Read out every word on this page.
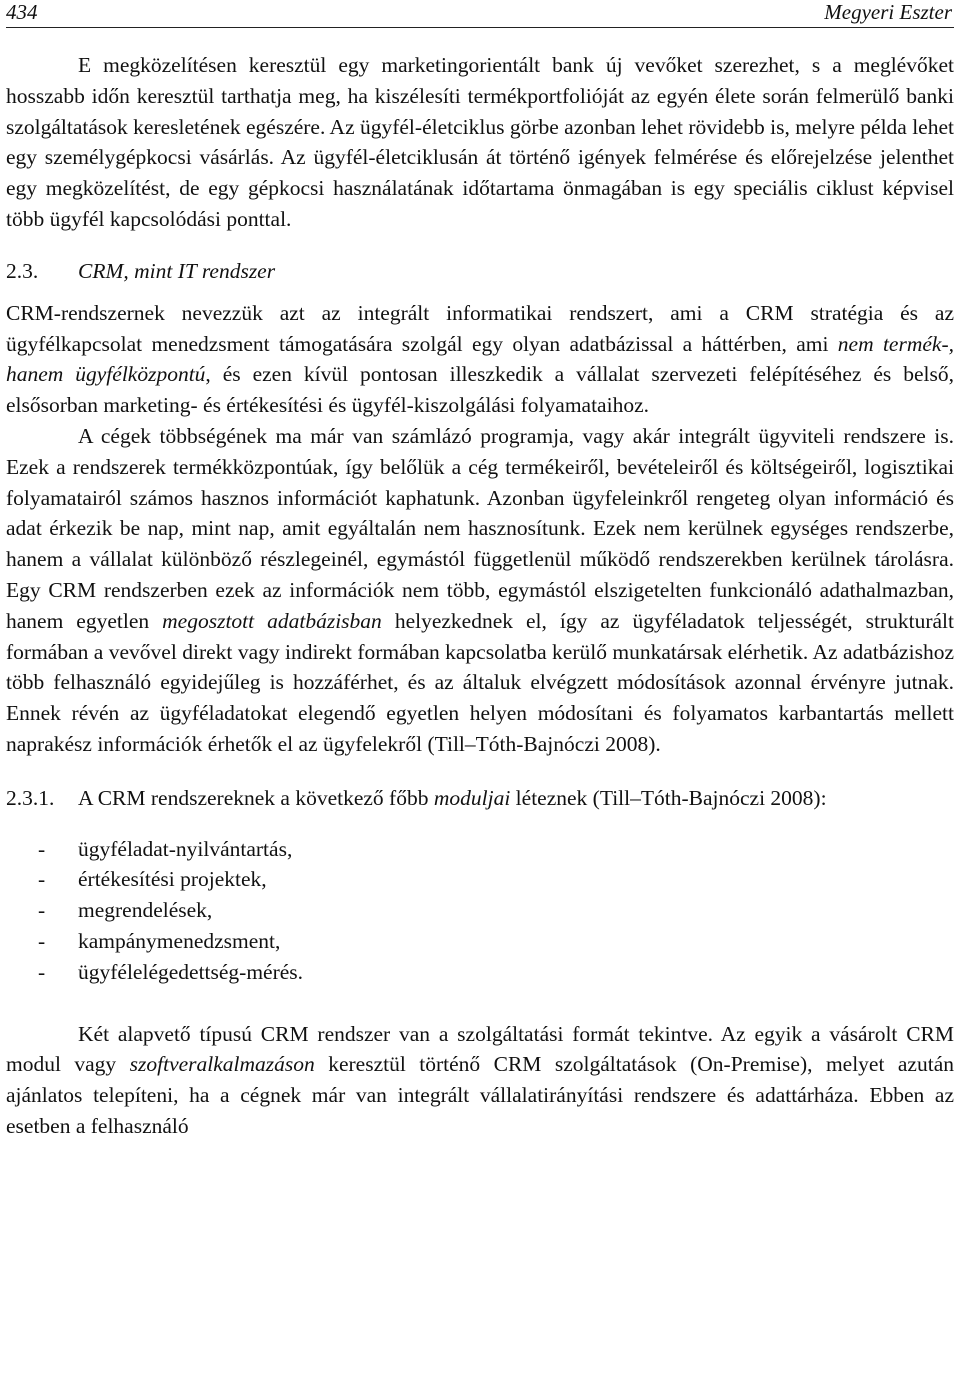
434	Megyeri Eszter

E megközelítésen keresztül egy marketingorientált bank új vevőket szerezhet, s a meglévőket hosszabb időn keresztül tarthatja meg, ha kiszélesíti termékportfolióját az egyén élete során felmerülő banki szolgáltatások keresletének egészére. Az ügyfél-életciklus görbe azonban lehet rövidebb is, melyre példa lehet egy személygépkocsi vásárlás. Az ügyfél-életciklusán át történő igények felmérése és előrejelzése jelenthet egy megközelítést, de egy gépkocsi használatának időtartama önmagában is egy speciális ciklust képvisel több ügyfél kapcsolódási ponttal.

2.3. CRM, mint IT rendszer

CRM-rendszernek nevezzük azt az integrált informatikai rendszert, ami a CRM stratégia és az ügyfélkapcsolat menedzsment támogatására szolgál egy olyan adatbázissal a háttérben, ami nem termék-, hanem ügyfélközpontú, és ezen kívül pontosan illeszkedik a vállalat szervezeti felépítéséhez és belső, elsősorban marketing- és értékesítési és ügyfél-kiszolgálási folyamataihoz.

A cégek többségének ma már van számlázó programja, vagy akár integrált ügyviteli rendszere is. Ezek a rendszerek termékközpontúak, így belőlük a cég termékeiről, bevételeiről és költségeiről, logisztikai folyamatairól számos hasznos információt kaphatunk. Azonban ügyfeleinkről rengeteg olyan információ és adat érkezik be nap, mint nap, amit egyáltalán nem hasznosítunk. Ezek nem kerülnek egységes rendszerbe, hanem a vállalat különböző részlegeinél, egymástól függetlenül működő rendszerekben kerülnek tárolásra. Egy CRM rendszerben ezek az információk nem több, egymástól elszigetelten funkcionáló adathalmazban, hanem egyetlen megosztott adatbázisban helyezkednek el, így az ügyféladatok teljességét, strukturált formában a vevővel direkt vagy indirekt formában kapcsolatba kerülő munkatársak elérhetik. Az adatbázishoz több felhasználó egyidejűleg is hozzáférhet, és az általuk elvégzett módosítások azonnal érvényre jutnak. Ennek révén az ügyféladatokat elegendő egyetlen helyen módosítani és folyamatos karbantartás mellett naprakész információk érhetők el az ügyfelekről (Till–Tóth-Bajnóczi 2008).

2.3.1.	A CRM rendszereknek a következő főbb moduljai léteznek (Till–Tóth-Bajnóczi 2008):
-	ügyféladat-nyilvántartás,
-	értékesítési projektek,
-	megrendelések,
-	kampánymenedzsment,
-	ügyfélelégedettség-mérés.

Két alapvető típusú CRM rendszer van a szolgáltatási formát tekintve. Az egyik a vásárolt CRM modul vagy szoftveralkalmazáson keresztül történő CRM szolgáltatások (On-Premise), melyet azután ajánlatos telepíteni, ha a cégnek már van integrált vállalatirányítási rendszere és adattárháza. Ebben az esetben a felhasználó
